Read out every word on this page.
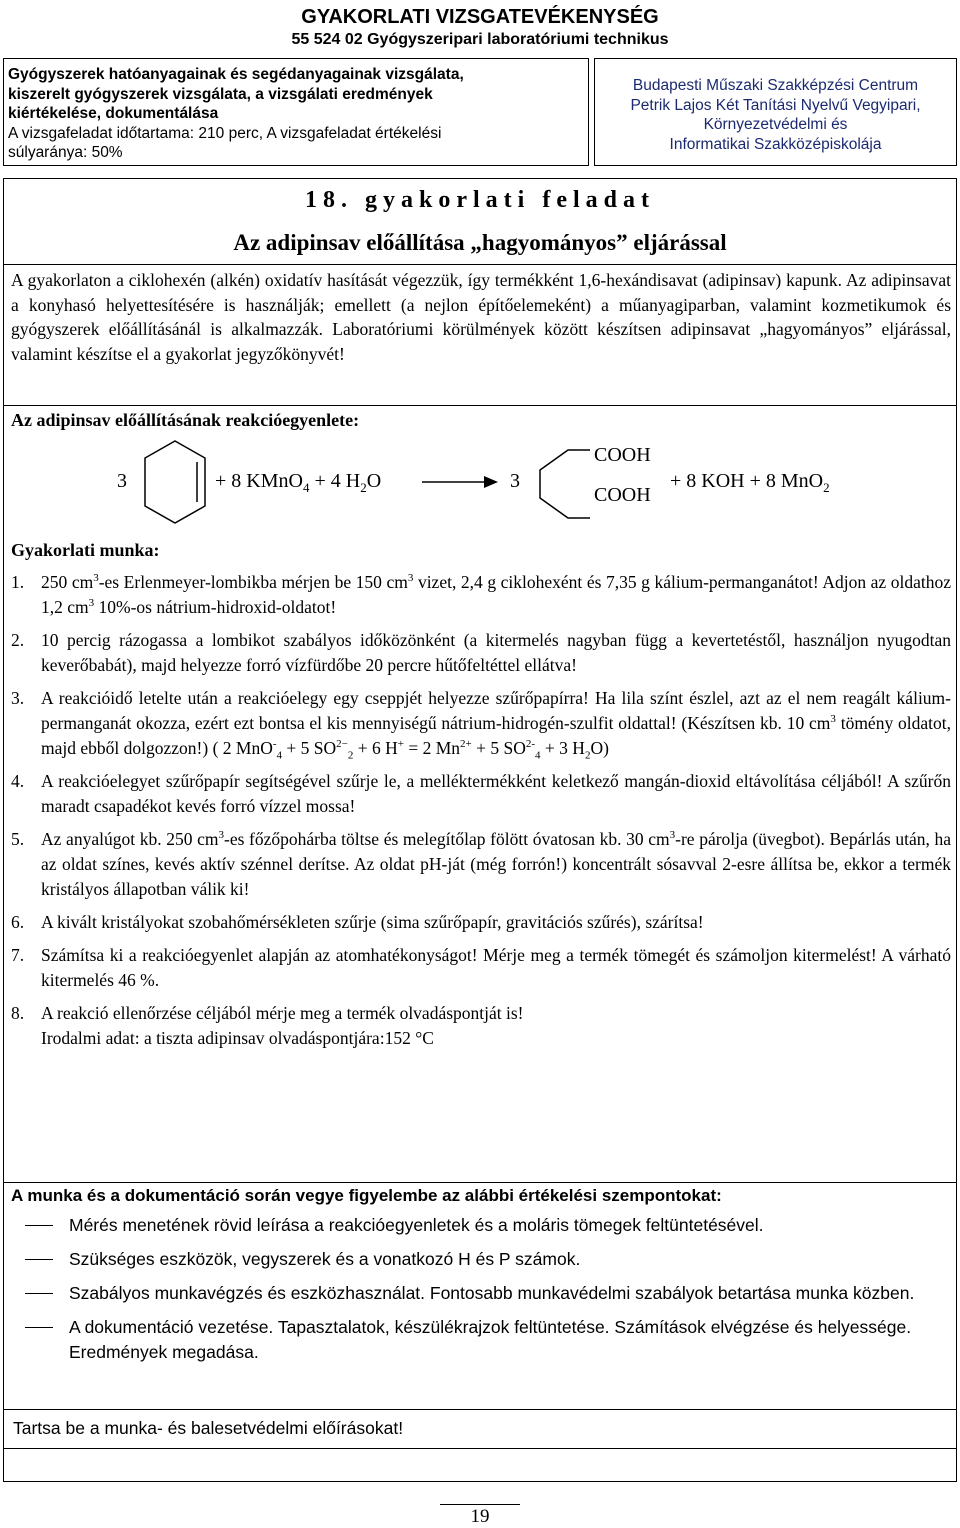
GYAKORLATI VIZSGATEVÉKENYSÉG
55 524 02 Gyógyszeripari laboratóriumi technikus
Gyógyszerek hatóanyagainak és segédanyagainak vizsgálata,
kiszerelt gyógyszerek vizsgálata, a vizsgálati eredmények
kiértékelése, dokumentálása
A vizsgafeladat időtartama: 210 perc, A vizsgafeladat értékelési
súlyaránya: 50%
Budapesti Műszaki Szakképzési Centrum
Petrik Lajos Két Tanítási Nyelvű Vegyipari,
Környezetvédelmi és
Informatikai Szakközépiskolája
18. gyakorlati feladat
Az adipinsav előállítása „hagyományos” eljárással
A gyakorlaton a ciklohexén (alkén) oxidatív hasítását végezzük, így termékként 1,6-hexándisavat (adipinsav) kapunk. Az adipinsavat a konyhasó helyettesítésére is használják; emellett (a nejlon építőelemeként) a műanyagiparban, valamint kozmetikumok és gyógyszerek előállításánál is alkalmazzák. Laboratóriumi körülmények között készítsen adipinsavat „hagyományos” eljárással, valamint készítse el a gyakorlat jegyzőkönyvét!
Az adipinsav előállításának reakcióegyenlete:
3	+ 8 KMnO$_4$ + 4 $H_2O$	3
COOH
COOH
+ 8 KOH + 8 MnO$_2$
Gyakorlati munka:
1. 250 $cm^3-es$ Erlenmeyer-lombikba mérjen be 150 $cm^3$ vizet, 2,4 g ciklohexént és 7,35 g kálium-permanganátot! Adjon az oldathoz 1,2 $cm^3$ 10%-os nátrium-hidroxid-oldatot!
2. 10 percig rázogassa a lombikot szabályos időközönként (a kitermelés nagyban függ a kevertetéstől, használjon nyugodtan keverőbabát), majd helyezze forró vízfürdőbe 20 percre hűtőfeltéttel ellátva!
3. A reakcióidő letelte után a reakcióelegy egy cseppjét helyezze szűrőpapírra! Ha lila színt észlel, azt az el nem reagált kálium-permanganát okozza, ezért ezt bontsa el kis mennyiségű nátrium-hidrogén-szulfit oldattal! (Készítsen kb. 10 $cm^3$ tömény oldatot, majd ebből dolgozzon!) ( 2 MnO-$_4$ + 5 $SO^{2-}_2 + 6$ H+ = 2 $Mn^{2+} + 5$ $SO^{2-}_4 + 3$ $H_2O$)
4. A reakcióelegyet szűrőpapír segítségével szűrje le, a melléktermékként keletkező mangán-dioxid eltávolítása céljából! A szűrőn maradt csapadékot kevés forró vízzel mossa!
5. Az anyalúgot kb. 250 $cm^3-es$ főzőpohárba töltse és melegítőlap fölött óvatosan kb. 30 $cm^3-re$ párolja (üvegbot). Bepárlás után, ha az oldat színes, kevés aktív szénnel derítse. Az oldat pH-ját (még forrón!) koncentrált sósavval 2-esre állítsa be, ekkor a termék kristályos állapotban válik ki!
6. A kivált kristályokat szobahőmérsékleten szűrje (sima szűrőpapír, gravitációs szűrés), szárítsa!
7. Számítsa ki a reakcióegyenlet alapján az atomhatékonyságot! Mérje meg a termék tömegét és számoljon kitermelést! A várható kitermelés 46 %.
8. A reakció ellenőrzése céljából mérje meg a termék olvadáspontját is!
Irodalmi adat: a tiszta adipinsav olvadáspontjára:152 °C
A munka és a dokumentáció során vegye figyelembe az alábbi értékelési szempontokat:
Mérés menetének rövid leírása a reakcióegyenletek és a moláris tömegek feltüntetésével.
Szükséges eszközök, vegyszerek és a vonatkozó H és P számok.
Szabályos munkavégzés és eszközhasználat. Fontosabb munkavédelmi szabályok betartása munka közben.
A dokumentáció vezetése. Tapasztalatok, készülékrajzok feltüntetése. Számítások elvégzése és helyessége. Eredmények megadása.
Tartsa be a munka- és balesetvédelmi előírásokat!
19
